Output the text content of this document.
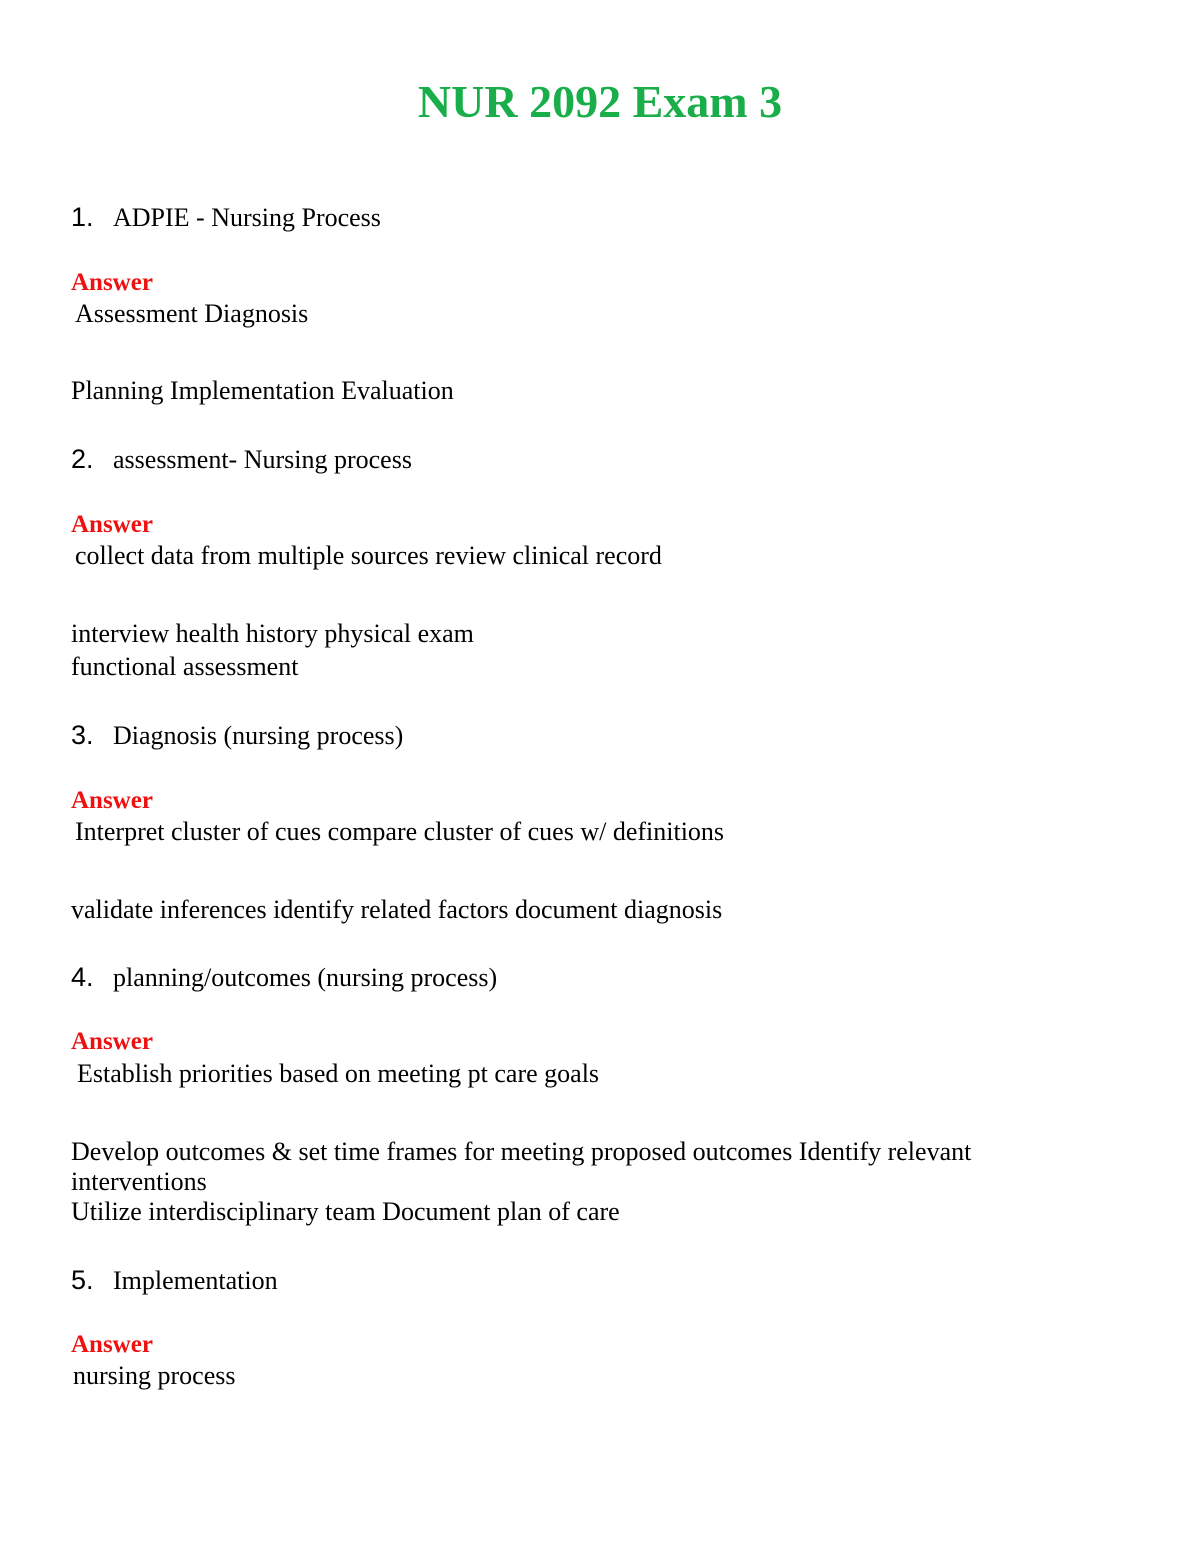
NUR 2092 Exam 3
1. ADPIE - Nursing Process
Answer
Assessment Diagnosis
Planning Implementation Evaluation
2. assessment- Nursing process
Answer
collect data from multiple sources review clinical record
interview health history physical exam
functional assessment
3. Diagnosis (nursing process)
Answer
Interpret cluster of cues compare cluster of cues w/ definitions
validate inferences identify related factors document diagnosis
4. planning/outcomes (nursing process)
Answer
Establish priorities based on meeting pt care goals
Develop outcomes & set time frames for meeting proposed outcomes Identify relevant
interventions
Utilize interdisciplinary team Document plan of care
5. Implementation
Answer
nursing process
